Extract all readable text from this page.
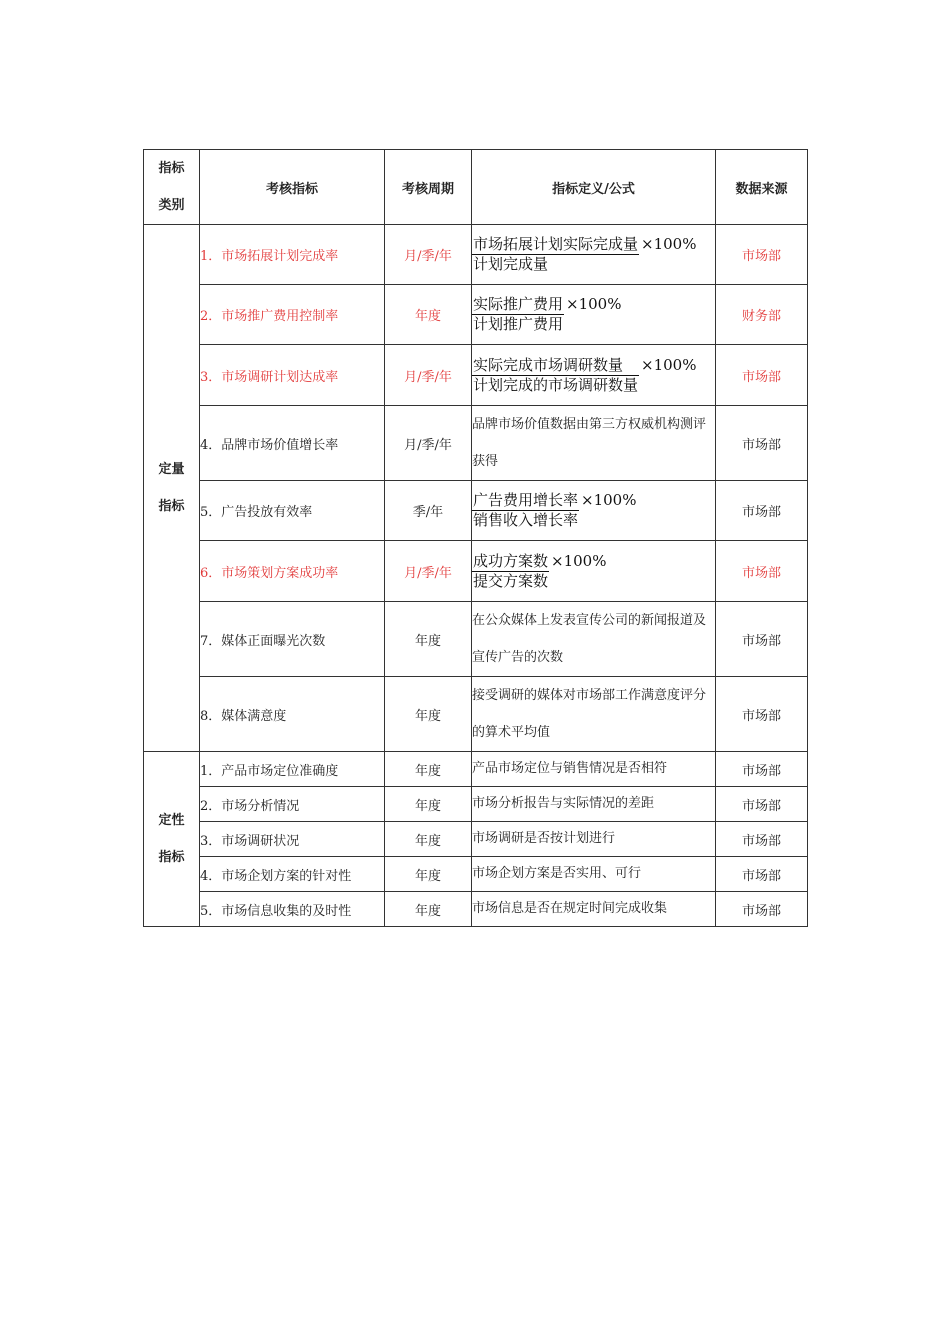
指标
类别	考核指标	考核周期	指标定义/公式	数据来源

定量
指标	1．市场拓展计划完成率	月/季/年	$\frac{\text{市场拓展计划实际完成量}}{\text{计划完成量}} \times 100\%$	市场部
	2．市场推广费用控制率	年度	$\frac{\text{实际推广费用}}{\text{计划推广费用}} \times 100\%$	财务部
	3．市场调研计划达成率	月/季/年	$\frac{\text{实际完成市场调研数量}}{\text{计划完成的市场调研数量}} \times 100\%$	市场部
	4．品牌市场价值增长率	月/季/年	品牌市场价值数据由第三方权威机构测评获得	市场部
	5．广告投放有效率	季/年	$\frac{\text{广告费用增长率}}{\text{销售收入增长率}} \times 100\%$	市场部
	6．市场策划方案成功率	月/季/年	$\frac{\text{成功方案数}}{\text{提交方案数}} \times 100\%$	市场部
	7．媒体正面曝光次数	年度	在公众媒体上发表宣传公司的新闻报道及宣传广告的次数	市场部
	8．媒体满意度	年度	接受调研的媒体对市场部工作满意度评分的算术平均值	市场部

定性
指标	1．产品市场定位准确度	年度	产品市场定位与销售情况是否相符	市场部
	2．市场分析情况	年度	市场分析报告与实际情况的差距	市场部
	3．市场调研状况	年度	市场调研是否按计划进行	市场部
	4．市场企划方案的针对性	年度	市场企划方案是否实用、可行	市场部
	5．市场信息收集的及时性	年度	市场信息是否在规定时间完成收集	市场部
